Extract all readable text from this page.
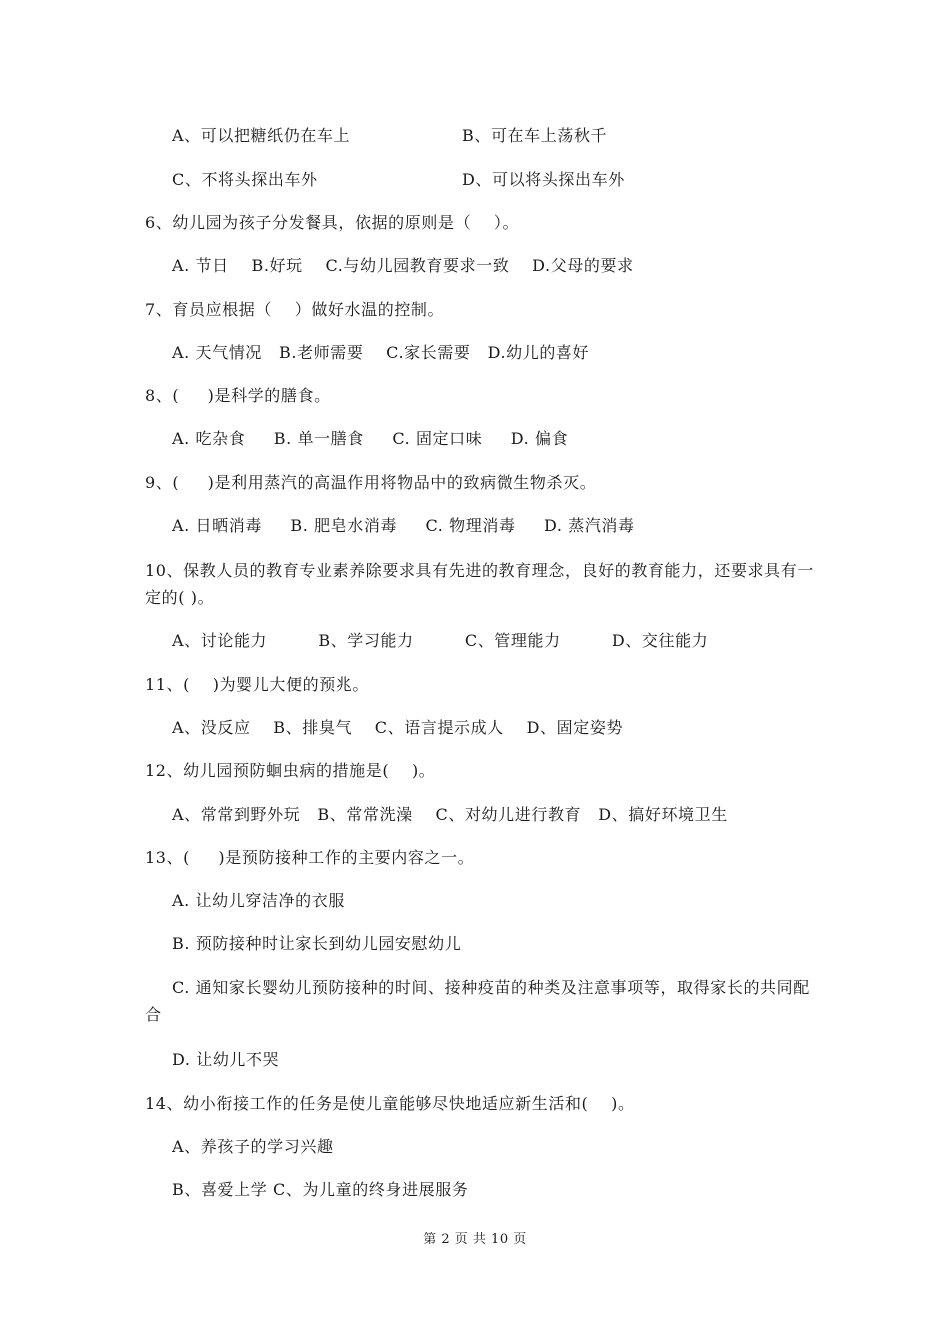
A、可以把糖纸仍在车上	B、可在车上荡秋千
C、不将头探出车外	D、可以将头探出车外
6、幼儿园为孩子分发餐具，依据的原则是（    ）。
A. 节日    B.好玩    C.与幼儿园教育要求一致    D.父母的要求
7、育员应根据（    ）做好水温的控制。
A. 天气情况   B.老师需要    C.家长需要   D.幼儿的喜好
8、(     )是科学的膳食。
A. 吃杂食     B. 单一膳食     C. 固定口味     D. 偏食
9、(     )是利用蒸汽的高温作用将物品中的致病微生物杀灭。
A. 日晒消毒     B. 肥皂水消毒     C. 物理消毒     D. 蒸汽消毒
10、保教人员的教育专业素养除要求具有先进的教育理念，良好的教育能力，还要求具有一定的( )。
A、讨论能力         B、学习能力         C、管理能力         D、交往能力
11、(    )为婴儿大便的预兆。
A、没反应    B、排臭气    C、语言提示成人    D、固定姿势
12、幼儿园预防蛔虫病的措施是(    )。
A、常常到野外玩   B、常常洗澡    C、对幼儿进行教育   D、搞好环境卫生
13、(     )是预防接种工作的主要内容之一。
A. 让幼儿穿洁净的衣服
B. 预防接种时让家长到幼儿园安慰幼儿
C. 通知家长婴幼儿预防接种的时间、接种疫苗的种类及注意事项等，取得家长的共同配合
D. 让幼儿不哭
14、幼小衔接工作的任务是使儿童能够尽快地适应新生活和(    )。
A、养孩子的学习兴趣
B、喜爱上学 C、为儿童的终身进展服务
第 2 页 共 10 页
